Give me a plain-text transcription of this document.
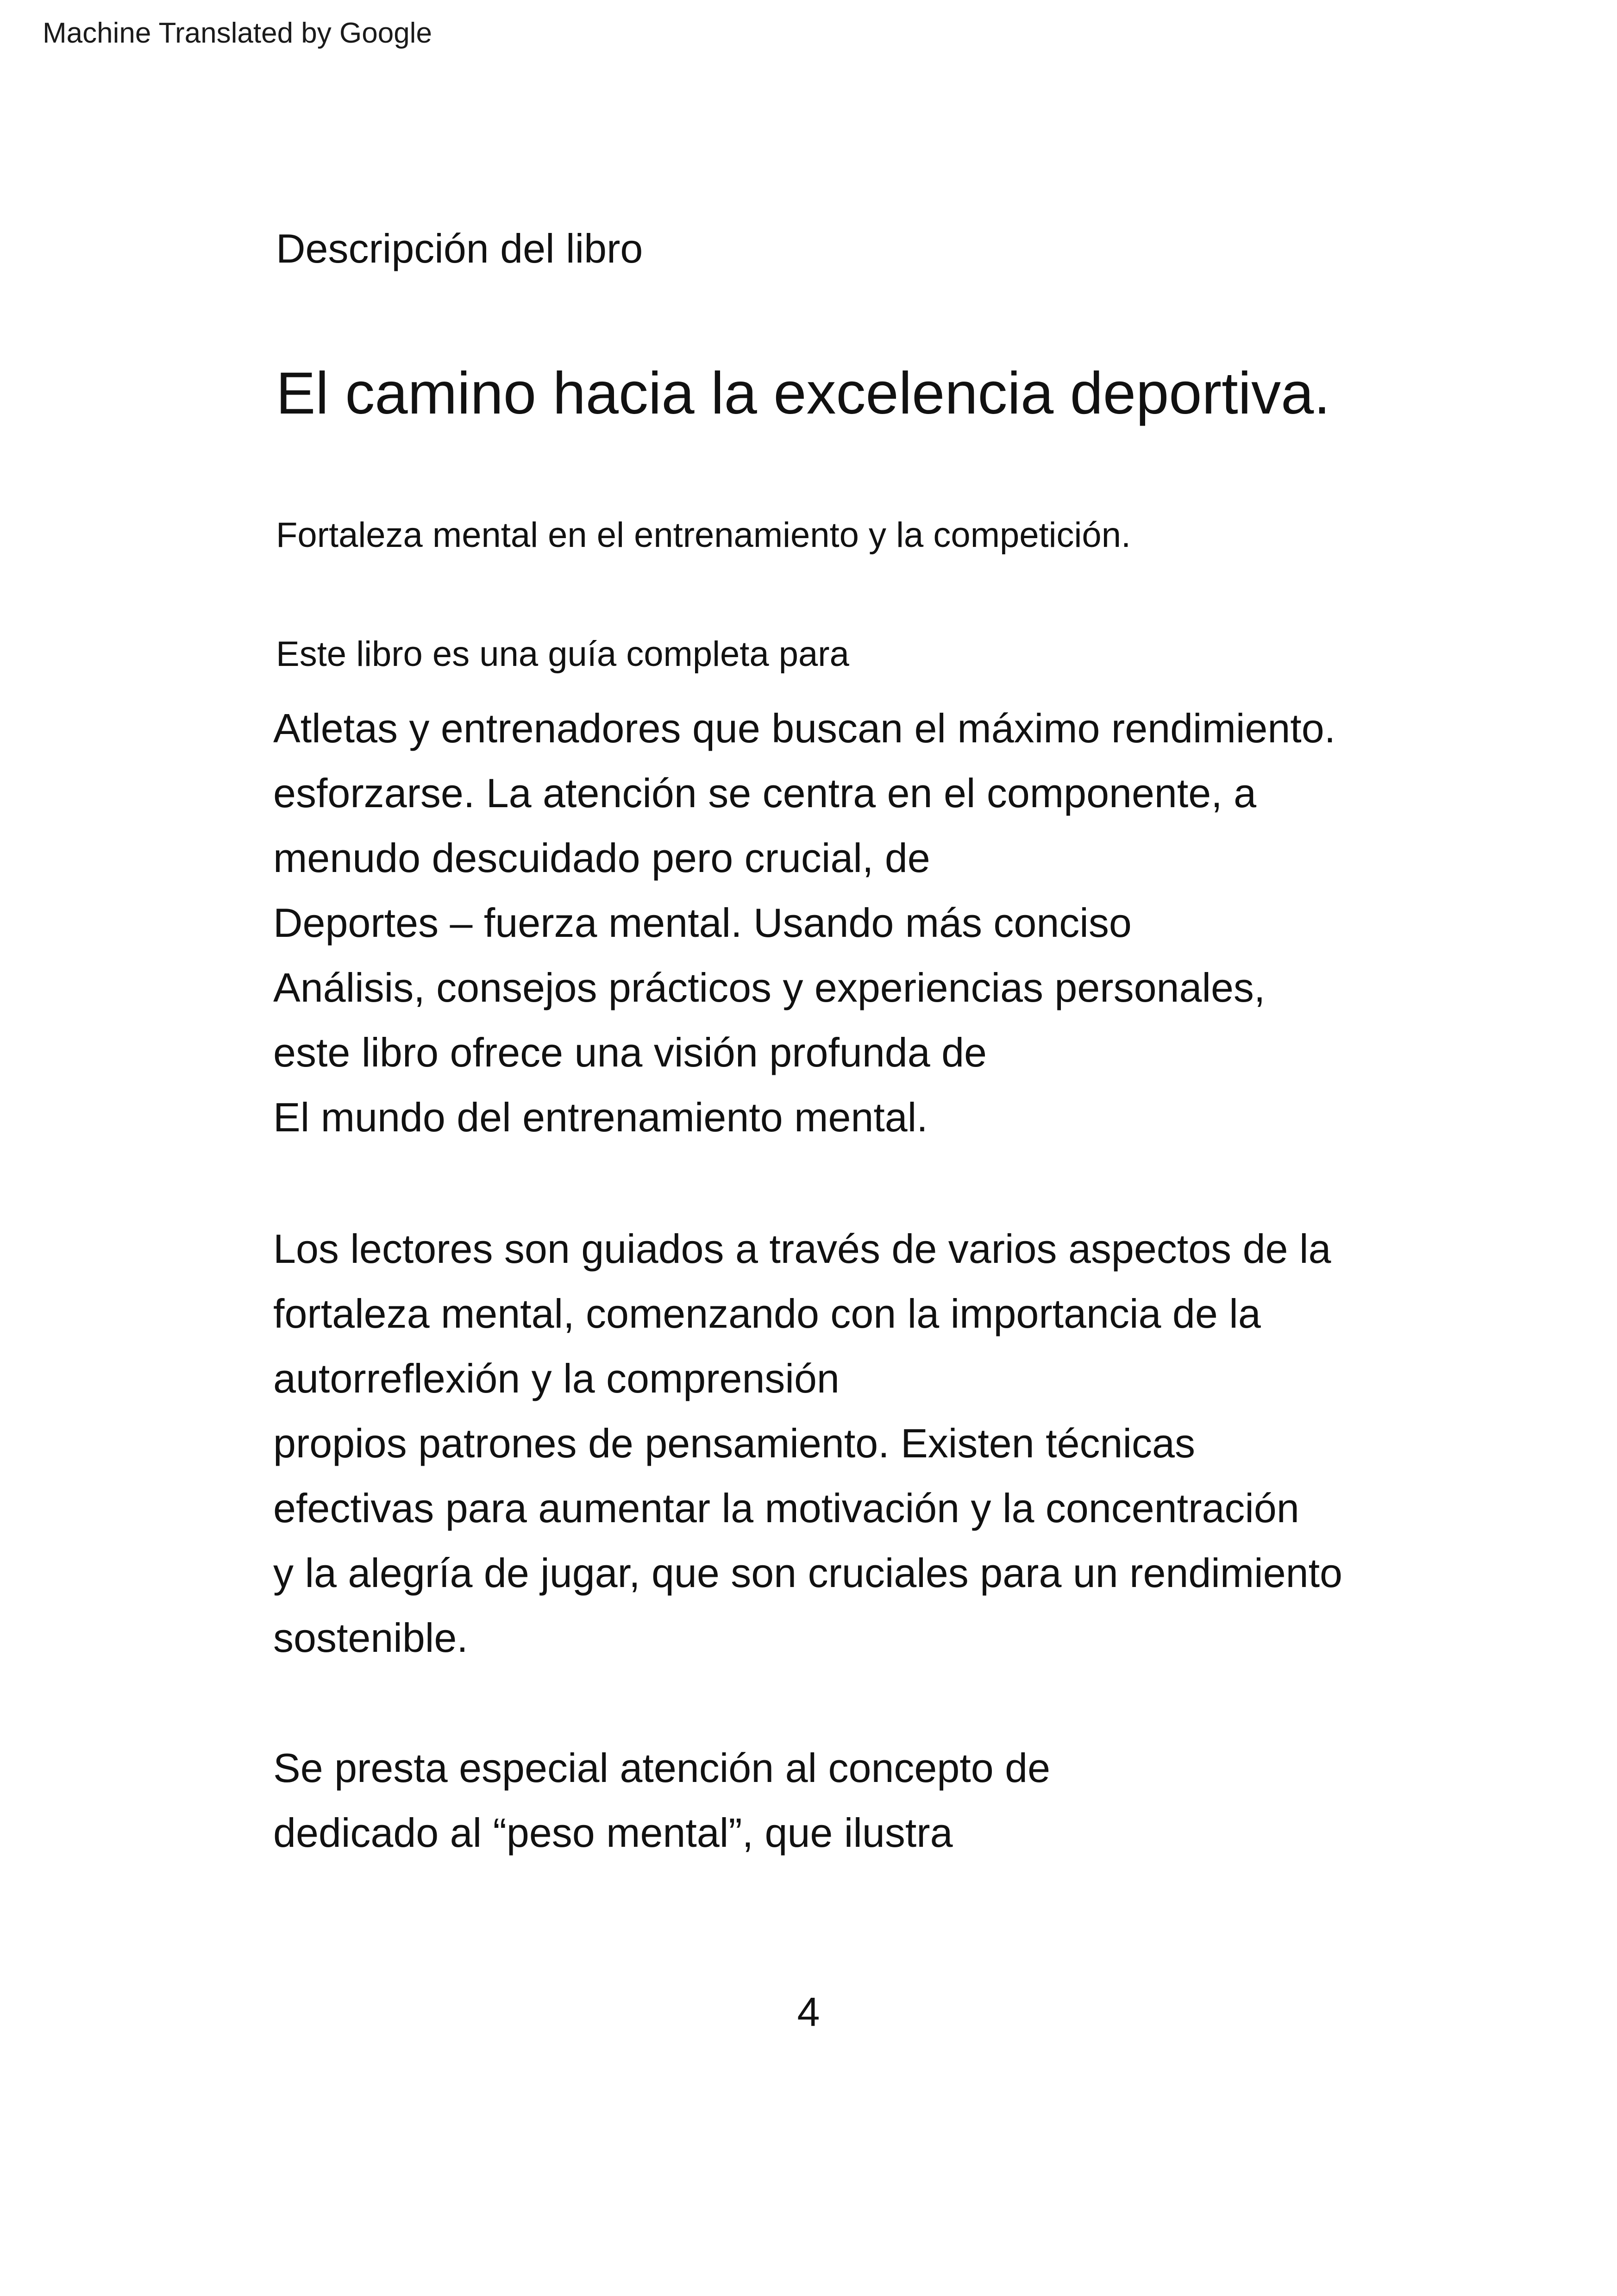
Machine Translated by Google
Descripción del libro
El camino hacia la excelencia deportiva.
Fortaleza mental en el entrenamiento y la competición.
Este libro es una guía completa para
Atletas y entrenadores que buscan el máximo rendimiento.
esforzarse. La atención se centra en el componente, a
menudo descuidado pero crucial, de
Deportes – fuerza mental. Usando más conciso
Análisis, consejos prácticos y experiencias personales,
este libro ofrece una visión profunda de
El mundo del entrenamiento mental.
Los lectores son guiados a través de varios aspectos de la
fortaleza mental, comenzando con la importancia de la
autorreflexión y la comprensión
propios patrones de pensamiento. Existen técnicas
efectivas para aumentar la motivación y la concentración
y la alegría de jugar, que son cruciales para un rendimiento
sostenible.
Se presta especial atención al concepto de
dedicado al “peso mental”, que ilustra
4
